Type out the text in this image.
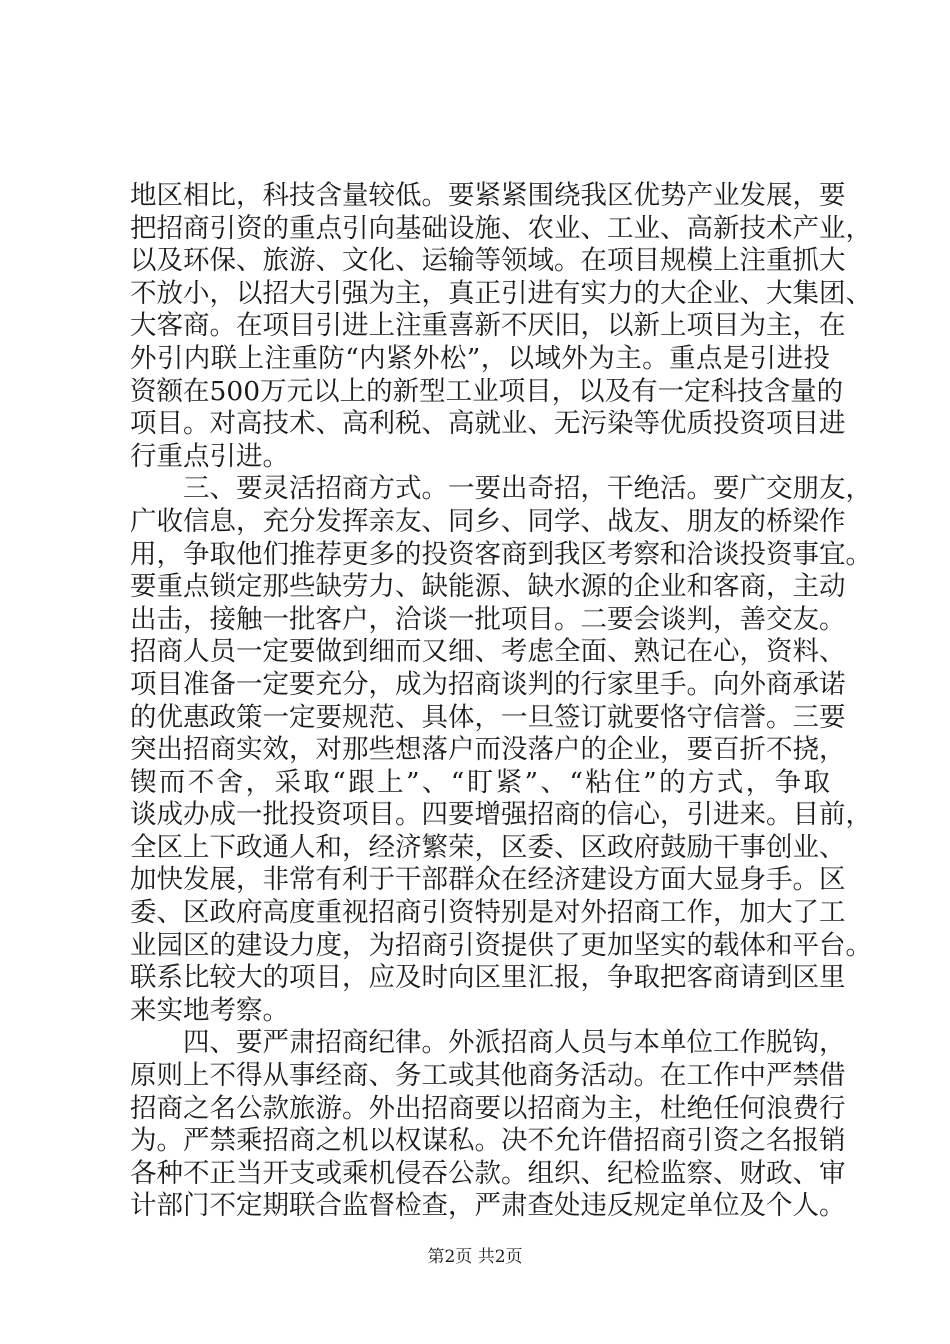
地区相比，科技含量较低。要紧紧围绕我区优势产业发展，要
把招商引资的重点引向基础设施、农业、工业、高新技术产业，
以及环保、旅游、文化、运输等领域。在项目规模上注重抓大
不放小，以招大引强为主，真正引进有实力的大企业、大集团、
大客商。在项目引进上注重喜新不厌旧，以新上项目为主，在
外引内联上注重防“内紧外松”，以域外为主。重点是引进投
资额在500万元以上的新型工业项目，以及有一定科技含量的
项目。对高技术、高利税、高就业、无污染等优质投资项目进
行重点引进。
三、要灵活招商方式。一要出奇招，干绝活。要广交朋友，
广收信息，充分发挥亲友、同乡、同学、战友、朋友的桥梁作
用，争取他们推荐更多的投资客商到我区考察和洽谈投资事宜。
要重点锁定那些缺劳力、缺能源、缺水源的企业和客商，主动
出击，接触一批客户，洽谈一批项目。二要会谈判，善交友。
招商人员一定要做到细而又细、考虑全面、熟记在心，资料、
项目准备一定要充分，成为招商谈判的行家里手。向外商承诺
的优惠政策一定要规范、具体，一旦签订就要恪守信誉。三要
突出招商实效，对那些想落户而没落户的企业，要百折不挠，
锲而不舍，采取“跟上”、“盯紧”、“粘住”的方式，争取
谈成办成一批投资项目。四要增强招商的信心，引进来。目前，
全区上下政通人和，经济繁荣，区委、区政府鼓励干事创业、
加快发展，非常有利于干部群众在经济建设方面大显身手。区
委、区政府高度重视招商引资特别是对外招商工作，加大了工
业园区的建设力度，为招商引资提供了更加坚实的载体和平台。
联系比较大的项目，应及时向区里汇报，争取把客商请到区里
来实地考察。
四、要严肃招商纪律。外派招商人员与本单位工作脱钩，
原则上不得从事经商、务工或其他商务活动。在工作中严禁借
招商之名公款旅游。外出招商要以招商为主，杜绝任何浪费行
为。严禁乘招商之机以权谋私。决不允许借招商引资之名报销
各种不正当开支或乘机侵吞公款。组织、纪检监察、财政、审
计部门不定期联合监督检查，严肃查处违反规定单位及个人。
第2页 共2页
